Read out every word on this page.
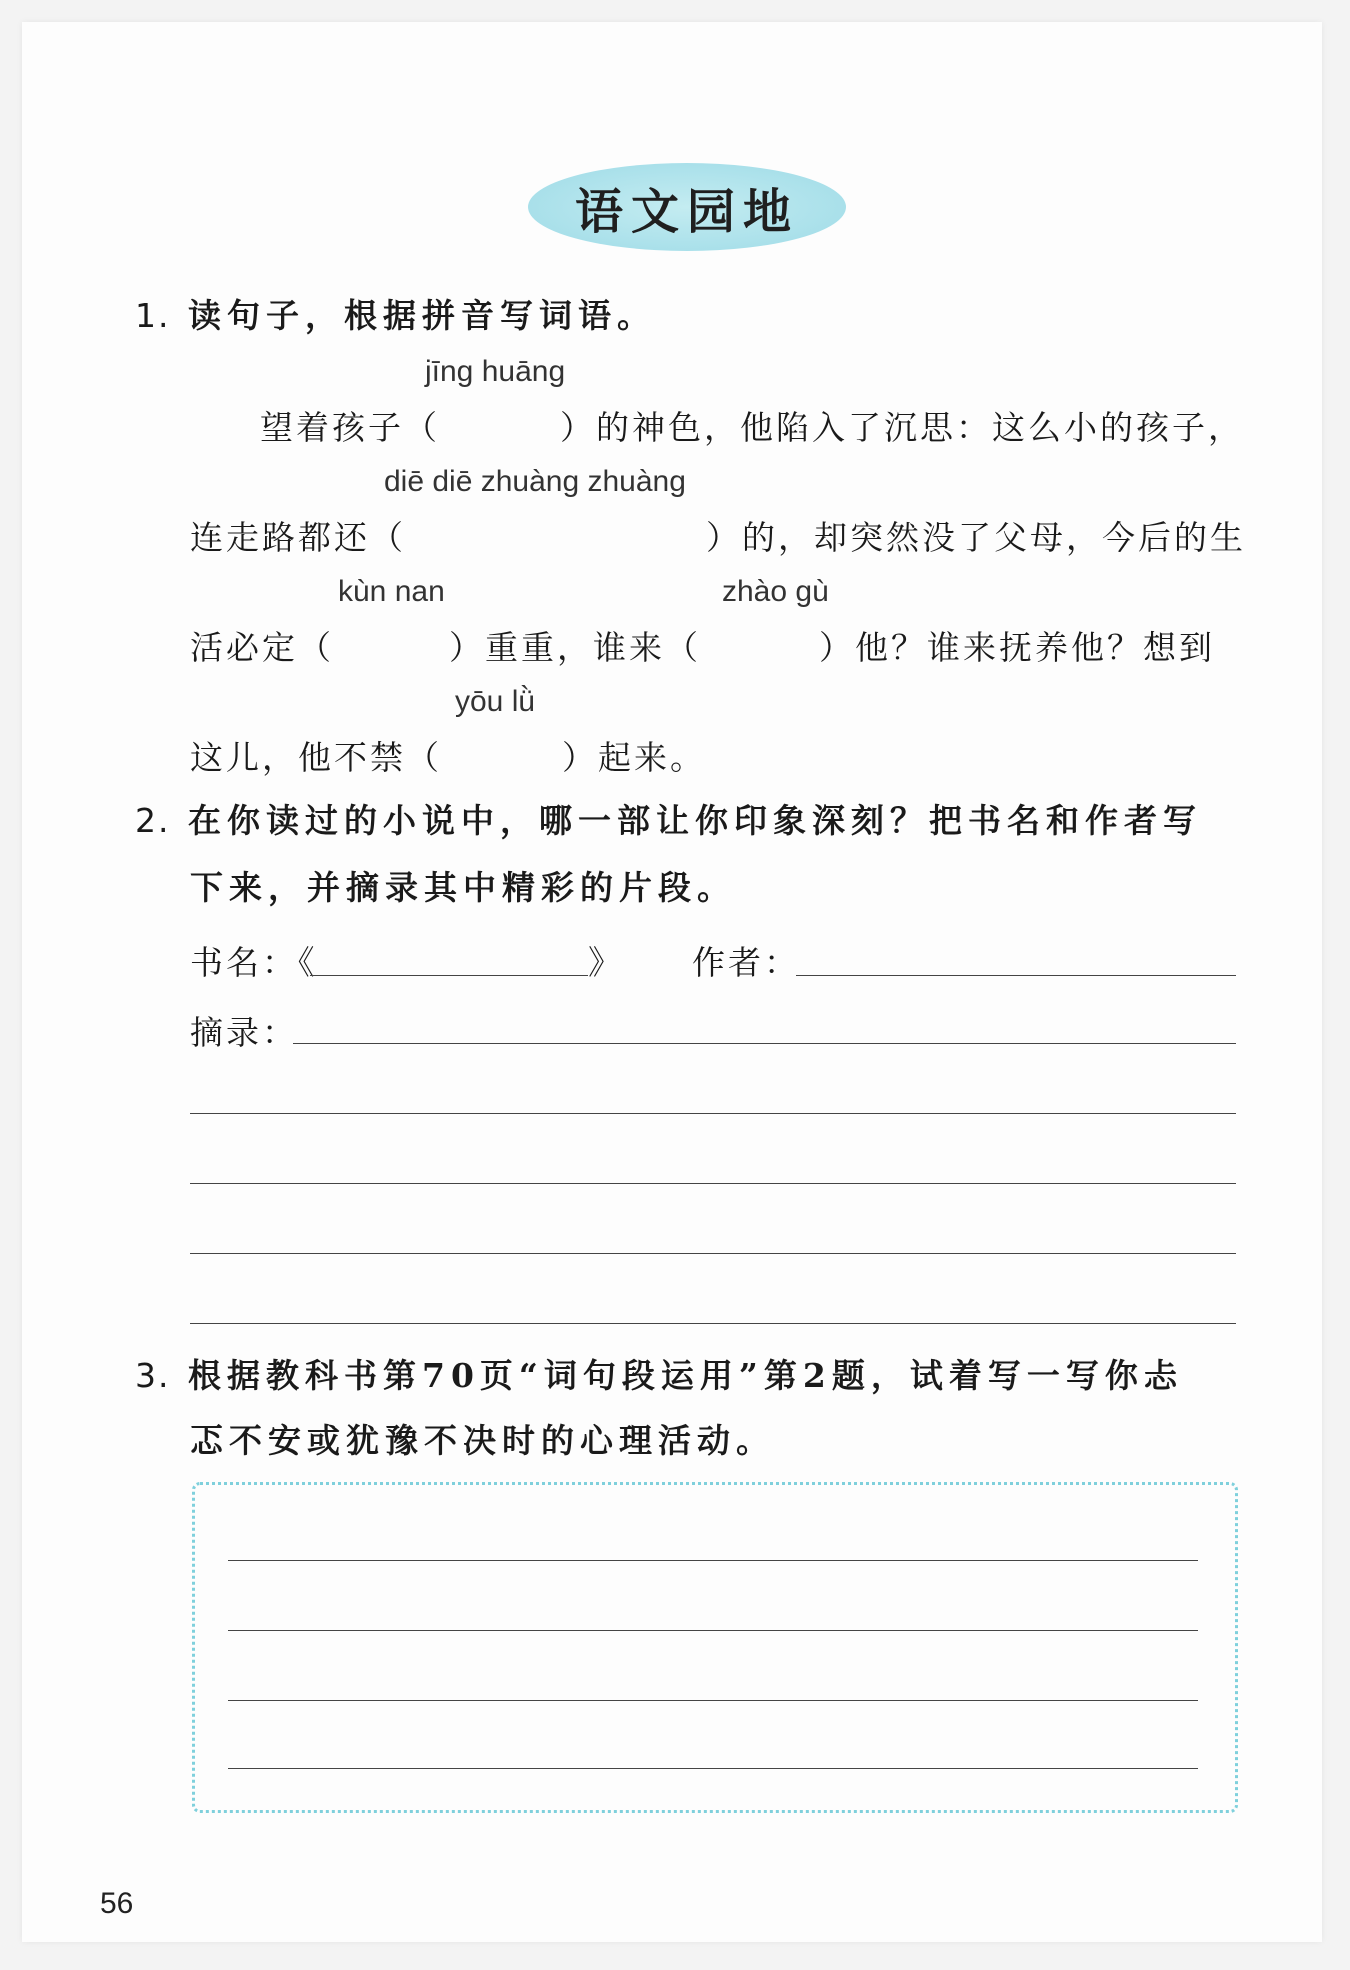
语文园地
1. 读句子，根据拼音写词语。
jīng huāng
望着孩子（	）的神色，他陷入了沉思：这么小的孩子，
diē diē zhuàng zhuàng
连走路都还（	）的，却突然没了父母，今后的生
kùn nan	zhào gù
活必定（	）重重，谁来（	）他？谁来抚养他？想到
yōu lǜ
这儿，他不禁（	）起来。
2. 在你读过的小说中，哪一部让你印象深刻？把书名和作者写
下来，并摘录其中精彩的片段。
书名：《	》 作者：
摘录：
3. 根据教科书第70页“词句段运用”第2题，试着写一写你忐
忑不安或犹豫不决时的心理活动。
56
